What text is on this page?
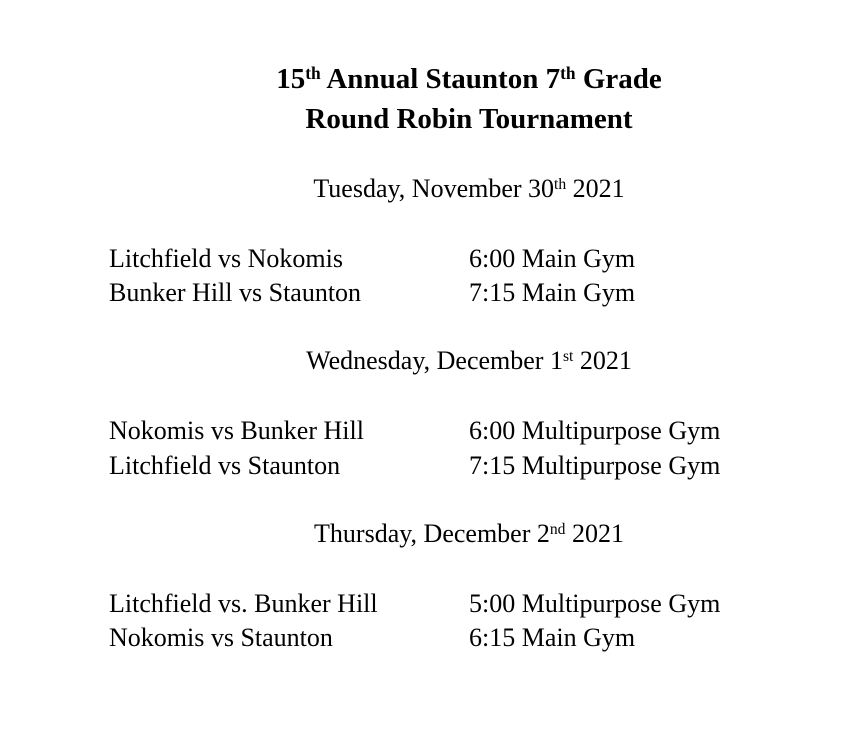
15th Annual Staunton 7th Grade
Round Robin Tournament
Tuesday, November 30th 2021
Litchfield vs Nokomis	6:00 Main Gym
Bunker Hill vs Staunton	7:15 Main Gym
Wednesday, December 1st 2021
Nokomis vs Bunker Hill	6:00 Multipurpose Gym
Litchfield vs Staunton	7:15 Multipurpose Gym
Thursday, December 2nd 2021
Litchfield vs. Bunker Hill	5:00 Multipurpose Gym
Nokomis vs Staunton	6:15 Main Gym
